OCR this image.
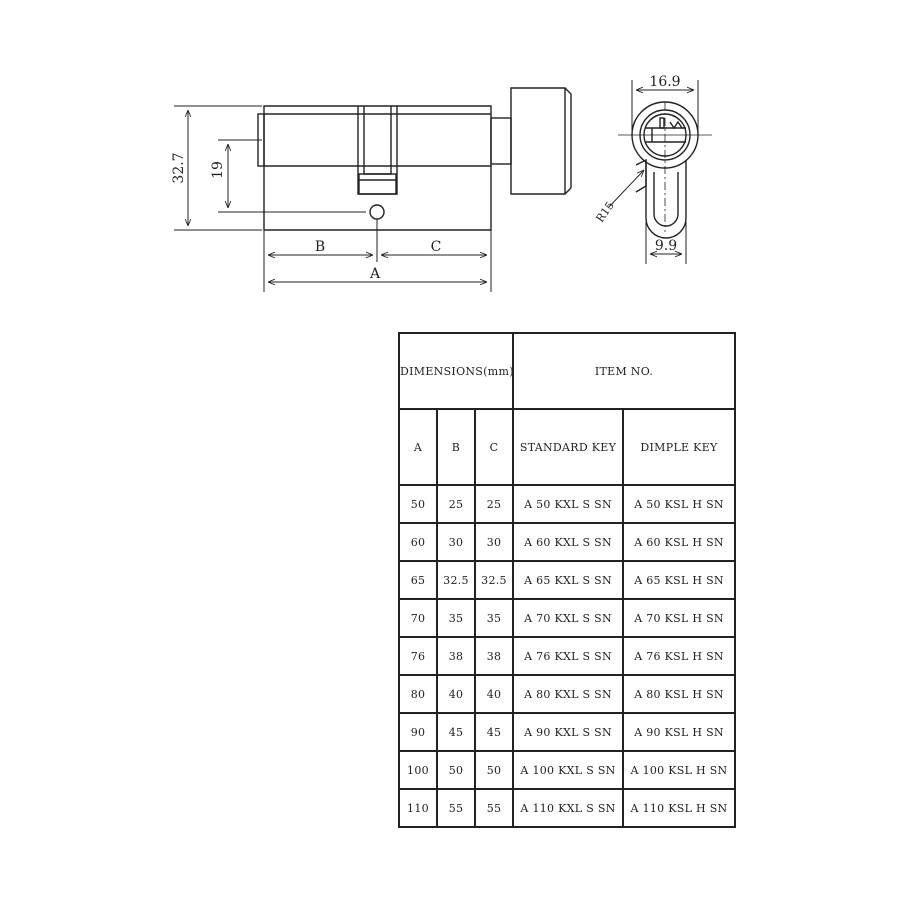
32.7 19
B	C
A
16.9
R15
9.9
DIMENSIONS(mm)			ITEM NO.	
A	B	C	STANDARD KEY	DIMPLE KEY
50	25	25	A 50 KXL S SN	A 50 KSL H SN
60	30	30	A 60 KXL S SN	A 60 KSL H SN
65	32.5	32.5	A 65 KXL S SN	A 65 KSL H SN
70	35	35	A 70 KXL S SN	A 70 KSL H SN
76	38	38	A 76 KXL S SN	A 76 KSL H SN
80	40	40	A 80 KXL S SN	A 80 KSL H SN
90	45	45	A 90 KXL S SN	A 90 KSL H SN
100	50	50	A 100 KXL S SN	A 100 KSL H SN
110	55	55	A 110 KXL S SN	A 110 KSL H SN
